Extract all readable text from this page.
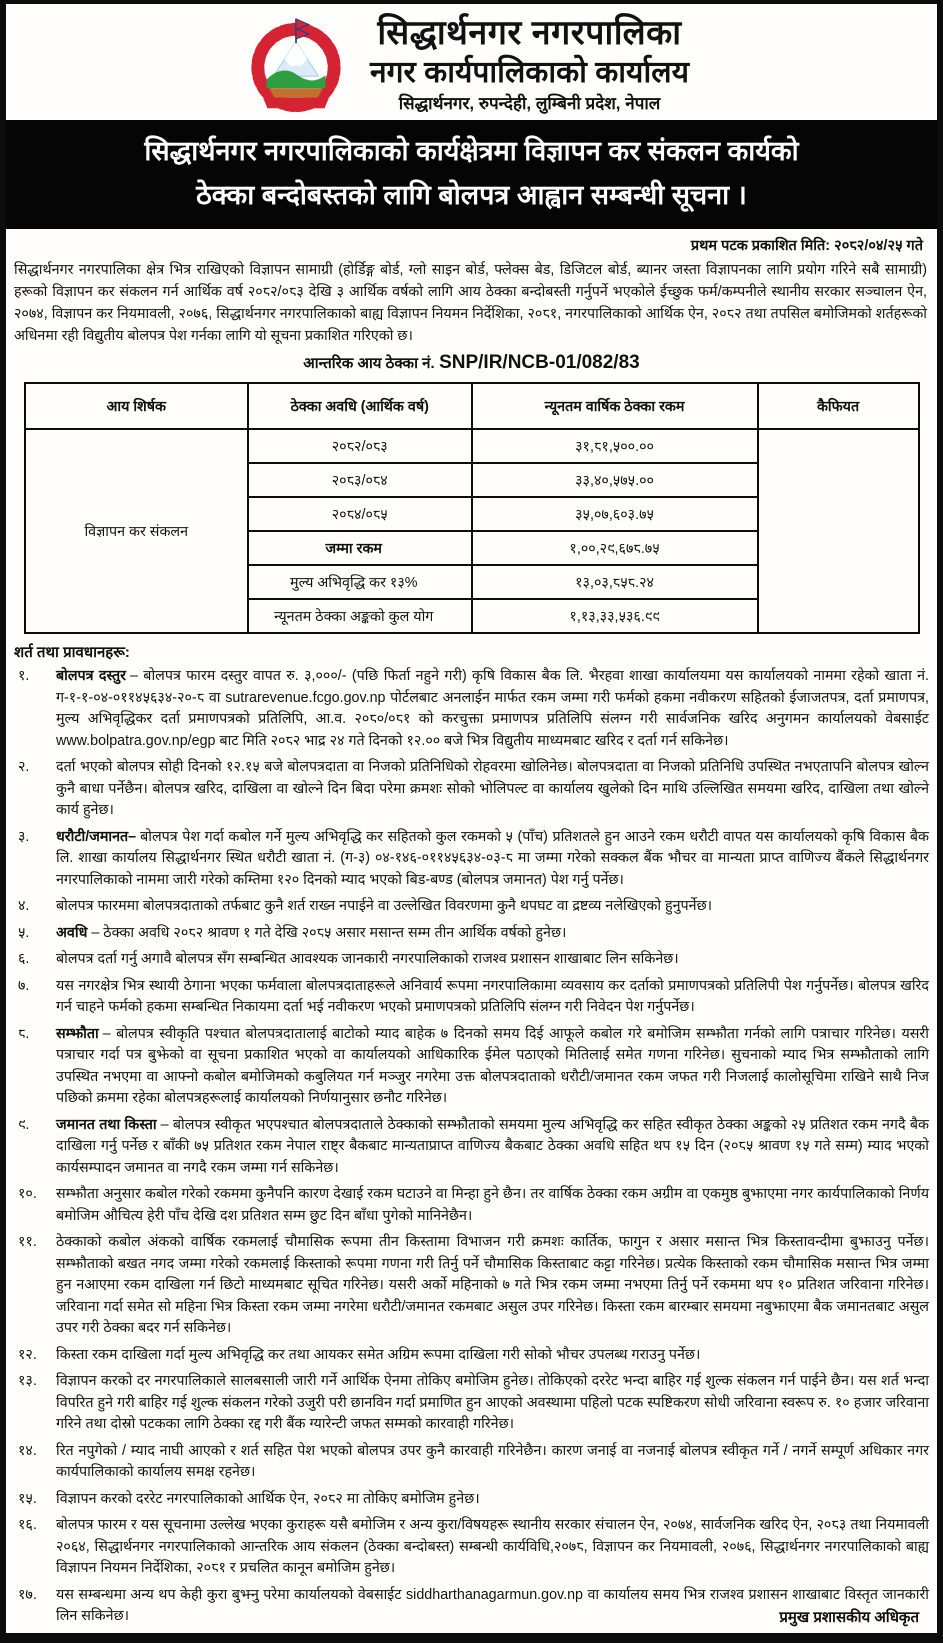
सिद्धार्थनगर नगरपालिका
नगर कार्यपालिकाको कार्यालय
सिद्धार्थनगर, रुपन्देही, लुम्बिनी प्रदेश, नेपाल
सिद्धार्थनगर नगरपालिकाको कार्यक्षेत्रमा विज्ञापन कर संकलन कार्यको
ठेक्का बन्दोबस्तको लागि बोलपत्र आह्वान सम्बन्धी सूचना ।
प्रथम पटक प्रकाशित मिति: २०८२/०४/२५ गते

सिद्धार्थनगर नगरपालिका क्षेत्र भित्र राखिएको विज्ञापन सामाग्री (होर्डिङ्ग बोर्ड, ग्लो साइन बोर्ड, फ्लेक्स बेड, डिजिटल बोर्ड, ब्यानर जस्ता विज्ञापनका लागि प्रयोग गरिने सबै सामाग्री) हरूको विज्ञापन कर संकलन गर्न आर्थिक वर्ष २०८२/०८३ देखि ३ आर्थिक वर्षको लागि आय ठेक्का बन्दोबस्ती गर्नुपर्ने भएकोले ईच्छुक फर्म/कम्पनीले स्थानीय सरकार सञ्चालन ऐन, २०७४, विज्ञापन कर नियमावली, २०७६, सिद्धार्थनगर नगरपालिकाको बाह्य विज्ञापन नियमन निर्देशिका, २०८१, नगरपालिकाको आर्थिक ऐन, २०८२ तथा तपसिल बमोजिमको शर्तहरूको अधिनमा रही विद्युतीय बोलपत्र पेश गर्नका लागि यो सूचना प्रकाशित गरिएको छ।

आन्तरिक आय ठेक्का नं. SNP/IR/NCB-01/082/83
आय शिर्षक	ठेक्का अवधि (आर्थिक वर्ष)	न्यूनतम वार्षिक ठेक्का रकम	कैफियत
विज्ञापन कर संकलन	२०८२/०८३	३१,८१,५००.००	
	२०८३/०८४	३३,४०,५७५.००	
	२०८४/०८५	३५,०७,६०३.७५	
	जम्मा रकम	१,००,२९,६७८.७५	
	मुल्य अभिवृद्धि कर १३%	१३,०३,८५८.२४	
	न्यूनतम ठेक्का अङ्कको कुल योग	१,१३,३३,५३६.९९	
शर्त तथा प्रावधानहरू:
१.	बोलपत्र दस्तुर – बोलपत्र फारम दस्तुर वापत रु. ३,०००/- (पछि फिर्ता नहुने गरी) कृषि विकास बैक लि. भैरहवा शाखा कार्यालयमा यस कार्यालयको नाममा रहेको खाता नं. ग-१-१-०४-०११४५६३४-२०-८ वा sutrarevenue.fcgo.gov.np पोर्टलबाट अनलाईन मार्फत रकम जम्मा गरी फर्मको हकमा नवीकरण सहितको ईजाजतपत्र, दर्ता प्रमाणपत्र, मुल्य अभिवृद्धिकर दर्ता प्रमाणपत्रको प्रतिलिपि, आ.व. २०८०/०८१ को करचुक्ता प्रमाणपत्र प्रतिलिपि संलग्न गरी सार्वजनिक खरिद अनुगमन कार्यालयको वेबसाईट www.bolpatra.gov.np/egp बाट मिति २०८२ भाद्र २४ गते दिनको १२.०० बजे भित्र विद्युतीय माध्यमबाट खरिद र दर्ता गर्न सकिनेछ।
२.	दर्ता भएको बोलपत्र सोही दिनको १२.१५ बजे बोलपत्रदाता वा निजको प्रतिनिधिको रोहवरमा खोलिनेछ। बोलपत्रदाता वा निजको प्रतिनिधि उपस्थित नभएतापनि बोलपत्र खोल्न कुनै बाधा पर्नेछैन। बोलपत्र खरिद, दाखिला वा खोल्ने दिन बिदा परेमा क्रमशः सोको भोलिपल्ट वा कार्यालय खुलेको दिन माथि उल्लिखित समयमा खरिद, दाखिला तथा खोल्ने कार्य हुनेछ।
३.	धरौटी/जमानत– बोलपत्र पेश गर्दा कबोल गर्ने मुल्य अभिवृद्धि कर सहितको कुल रकमको ५ (पाँच) प्रतिशतले हुन आउने रकम धरौटी वापत यस कार्यालयको कृषि विकास बैक लि. शाखा कार्यालय सिद्धार्थनगर स्थित धरौटी खाता नं. (ग-३) ०४-१४६-०११४५६३४-०३-८ मा जम्मा गरेको सक्कल बैंक भौचर वा मान्यता प्राप्त वाणिज्य बैंकले सिद्धार्थनगर नगरपालिकाको नाममा जारी गरेको कम्तिमा १२० दिनको म्याद भएको बिड-बण्ड (बोलपत्र जमानत) पेश गर्नु पर्नेछ।
४.	बोलपत्र फारममा बोलपत्रदाताको तर्फबाट कुनै शर्त राख्न नपाईने वा उल्लेखित विवरणमा कुनै थपघट वा द्रष्टव्य नलेखिएको हुनुपर्नेछ।
५.	अवधि – ठेक्का अवधि २०८२ श्रावण १ गते देखि २०८५ असार मसान्त सम्म तीन आर्थिक वर्षको हुनेछ।
६.	बोलपत्र दर्ता गर्नु अगावै बोलपत्र सँग सम्बन्धित आवश्यक जानकारी नगरपालिकाको राजश्व प्रशासन शाखाबाट लिन सकिनेछ।
७.	यस नगरक्षेत्र भित्र स्थायी ठेगाना भएका फर्मवाला बोलपत्रदाताहरूले अनिवार्य रूपमा नगरपालिकामा व्यवसाय कर दर्ताको प्रमाणपत्रको प्रतिलिपी पेश गर्नुपर्नेछ। बोलपत्र खरिद गर्न चाहने फर्मको हकमा सम्बन्धित निकायमा दर्ता भई नवीकरण भएको प्रमाणपत्रको प्रतिलिपि संलग्न गरी निवेदन पेश गर्नुपर्नेछ।
८.	सम्झौता – बोलपत्र स्वीकृति पश्चात बोलपत्रदातालाई बाटोको म्याद बाहेक ७ दिनको समय दिई आफूले कबोल गरे बमोजिम सम्झौता गर्नको लागि पत्राचार गरिनेछ। यसरी पत्राचार गर्दा पत्र बुझेको वा सूचना प्रकाशित भएको वा कार्यालयको आधिकारिक ईमेल पठाएको मितिलाई समेत गणना गरिनेछ। सुचनाको म्याद भित्र सम्झौताको लागि उपस्थित नभएमा वा आफ्नो कबोल बमोजिमको कबुलियत गर्न मञ्जुर नगरेमा उक्त बोलपत्रदाताको धरौटी/जमानत रकम जफत गरी निजलाई कालोसूचिमा राखिने साथै निज पछिको क्रममा रहेका बोलपत्रहरूलाई कार्यालयको निर्णयानुसार छनौट गरिनेछ।
९.	जमानत तथा किस्ता – बोलपत्र स्वीकृत भएपश्चात बोलपत्रदाताले ठेक्काको सम्झौताको समयमा मुल्य अभिवृद्धि कर सहित स्वीकृत ठेक्का अङ्कको २५ प्रतिशत रकम नगदै बैक दाखिला गर्नु पर्नेछ र बाँकी ७५ प्रतिशत रकम नेपाल राष्ट्र बैकबाट मान्यताप्राप्त वाणिज्य बैकबाट ठेक्का अवधि सहित थप १५ दिन (२०८५ श्रावण १५ गते सम्म) म्याद भएको कार्यसम्पादन जमानत वा नगदै रकम जम्मा गर्न सकिनेछ।
१०.	सम्झौता अनुसार कबोल गरेको रकममा कुनैपनि कारण देखाई रकम घटाउने वा मिन्हा हुने छैन। तर वार्षिक ठेक्का रकम अग्रीम वा एकमुष्ठ बुझाएमा नगर कार्यपालिकाको निर्णय बमोजिम औचित्य हेरी पाँच देखि दश प्रतिशत सम्म छुट दिन बाँधा पुगेको मानिनेछैन।
११.	ठेक्काको कबोल अंकको वार्षिक रकमलाई चौमासिक रूपमा तीन किस्तामा विभाजन गरी क्रमशः कार्तिक, फागुन र असार मसान्त भित्र किस्तावन्दीमा बुझाउनु पर्नेछ। सम्झौताको बखत नगद जम्मा गरेको रकमलाई किस्ताको रूपमा गणना गरी तिर्नु पर्ने चौमासिक किस्ताबाट कट्टा गरिनेछ। प्रत्येक किस्ताको रकम चौमासिक मसान्त भित्र जम्मा हुन नआएमा रकम दाखिला गर्न छिटो माध्यमबाट सूचित गरिनेछ। यसरी अर्को महिनाको ७ गते भित्र रकम जम्मा नभएमा तिर्नु पर्ने रकममा थप १० प्रतिशत जरिवाना गरिनेछ। जरिवाना गर्दा समेत सो महिना भित्र किस्ता रकम जम्मा नगरेमा धरौटी/जमानत रकमबाट असुल उपर गरिनेछ। किस्ता रकम बारम्बार समयमा नबुझाएमा बैक जमानतबाट असुल उपर गरी ठेक्का बदर गर्न सकिनेछ।
१२.	किस्ता रकम दाखिला गर्दा मुल्य अभिवृद्धि कर तथा आयकर समेत अग्रिम रूपमा दाखिला गरी सोको भौचर उपलब्ध गराउनु पर्नेछ।
१३.	विज्ञापन करको दर नगरपालिकाले सालबसाली जारी गर्ने आर्थिक ऐनमा तोकिए बमोजिम हुनेछ। तोकिएको दररेट भन्दा बाहिर गई शुल्क संकलन गर्न पाईने छैन। यस शर्त भन्दा विपरित हुने गरी बाहिर गई शुल्क संकलन गरेको उजुरी परी छानविन गर्दा प्रमाणित हुन आएको अवस्थामा पहिलो पटक स्पष्टिकरण सोधी जरिवाना स्वरूप रु. १० हजार जरिवाना गरिने तथा दोस्रो पटकका लागि ठेक्का रद्द गरी बैंक ग्यारेन्टी जफत सम्मको कारवाही गरिनेछ।
१४.	रित नपुगेको / म्याद नाघी आएको र शर्त सहित पेश भएको बोलपत्र उपर कुनै कारवाही गरिनेछैन। कारण जनाई वा नजनाई बोलपत्र स्वीकृत गर्ने / नगर्ने सम्पूर्ण अधिकार नगर कार्यपालिकाको कार्यालय समक्ष रहनेछ।
१५.	विज्ञापन करको दररेट नगरपालिकाको आर्थिक ऐन, २०८२ मा तोकिए बमोजिम हुनेछ।
१६.	बोलपत्र फारम र यस सूचनामा उल्लेख भएका कुराहरू यसै बमोजिम र अन्य कुरा/विषयहरू स्थानीय सरकार संचालन ऐन, २०७४, सार्वजनिक खरिद ऐन, २०८३ तथा नियमावली २०६४, सिद्धार्थनगर नगरपालिकाको आन्तरिक आय संकलन (ठेक्का बन्दोबस्त) सम्बन्धी कार्यविधि,२०७८, विज्ञापन कर नियमावली, २०७६, सिद्धार्थनगर नगरपालिकाको बाह्य विज्ञापन नियमन निर्देशिका, २०८१ र प्रचलित कानून बमोजिम हुनेछ।
१७.	यस सम्बन्धमा अन्य थप केही कुरा बुझ्नु परेमा कार्यालयको वेबसाईट siddharthanagarmun.gov.np वा कार्यालय समय भित्र राजश्व प्रशासन शाखाबाट विस्तृत जानकारी लिन सकिनेछ।	प्रमुख प्रशासकीय अधिकृत
